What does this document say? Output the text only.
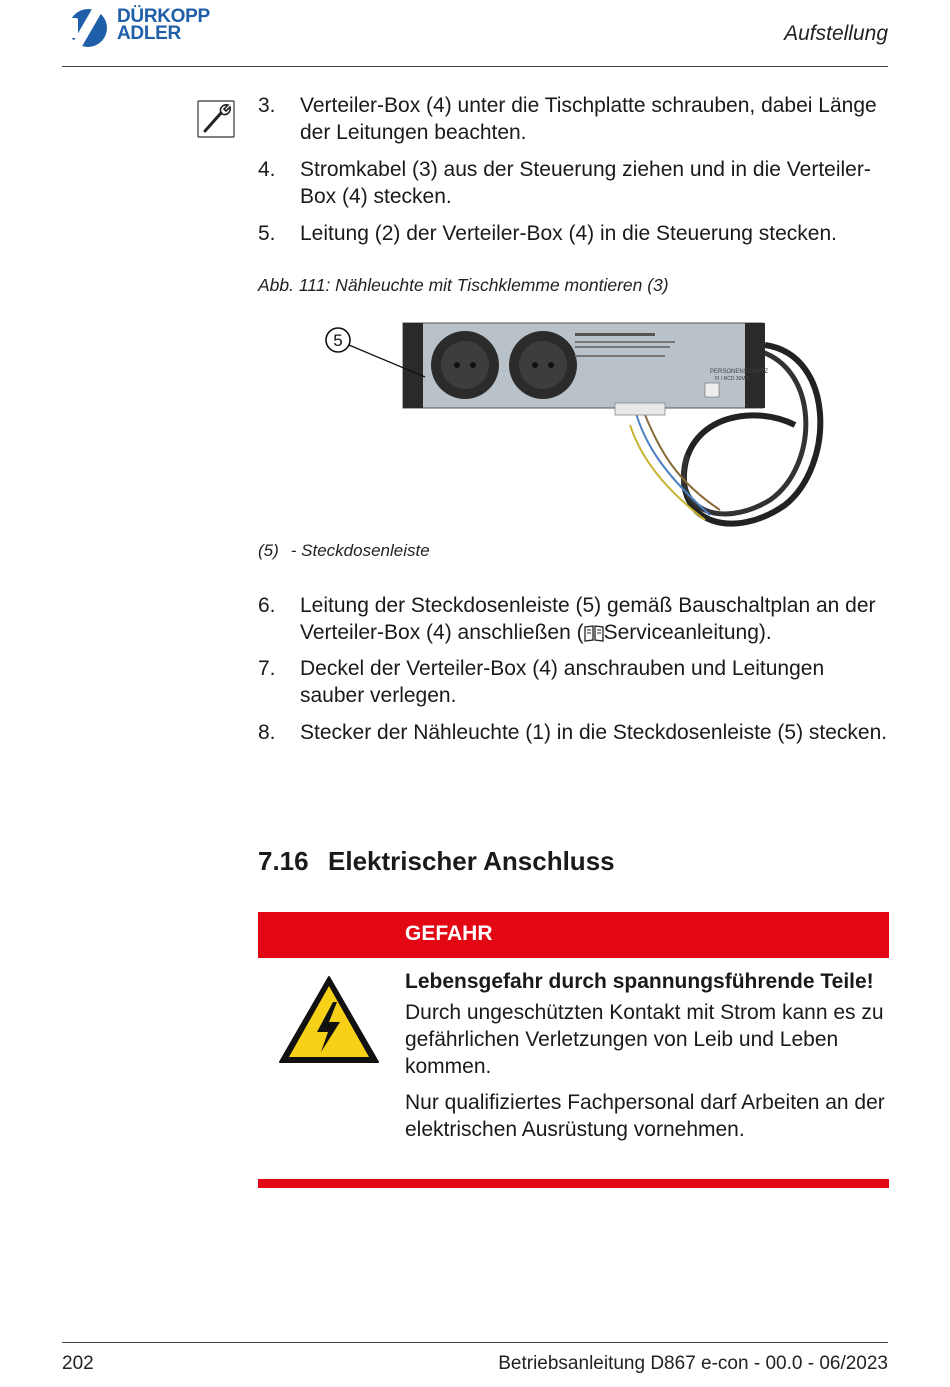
DÜRKOPP
ADLER	Aufstellung
3. Verteiler-Box (4) unter die Tischplatte schrauben, dabei Länge der Leitungen beachten.
4. Stromkabel (3) aus der Steuerung ziehen und in die Verteiler-Box (4) stecken.
5. Leitung (2) der Verteiler-Box (4) in die Steuerung stecken.
Abb. 111: Nähleuchte mit Tischklemme montieren (3)
PERSONENSCHUTZ
FI / RCD 30MA
5
(5) - Steckdosenleiste
6. Leitung der Steckdosenleiste (5) gemäß Bauschaltplan an der Verteiler-Box (4) anschließen ( Serviceanleitung).
7. Deckel der Verteiler-Box (4) anschrauben und Leitungen sauber verlegen.
8. Stecker der Nähleuchte (1) in die Steckdosenleiste (5) stecken.
7.16 Elektrischer Anschluss
GEFAHR
Lebensgefahr durch spannungsführende Teile!
Durch ungeschützten Kontakt mit Strom kann es zu gefährlichen Verletzungen von Leib und Leben kommen.
Nur qualifiziertes Fachpersonal darf Arbeiten an der elektrischen Ausrüstung vornehmen.
202	Betriebsanleitung D867 e-con - 00.0 - 06/2023
